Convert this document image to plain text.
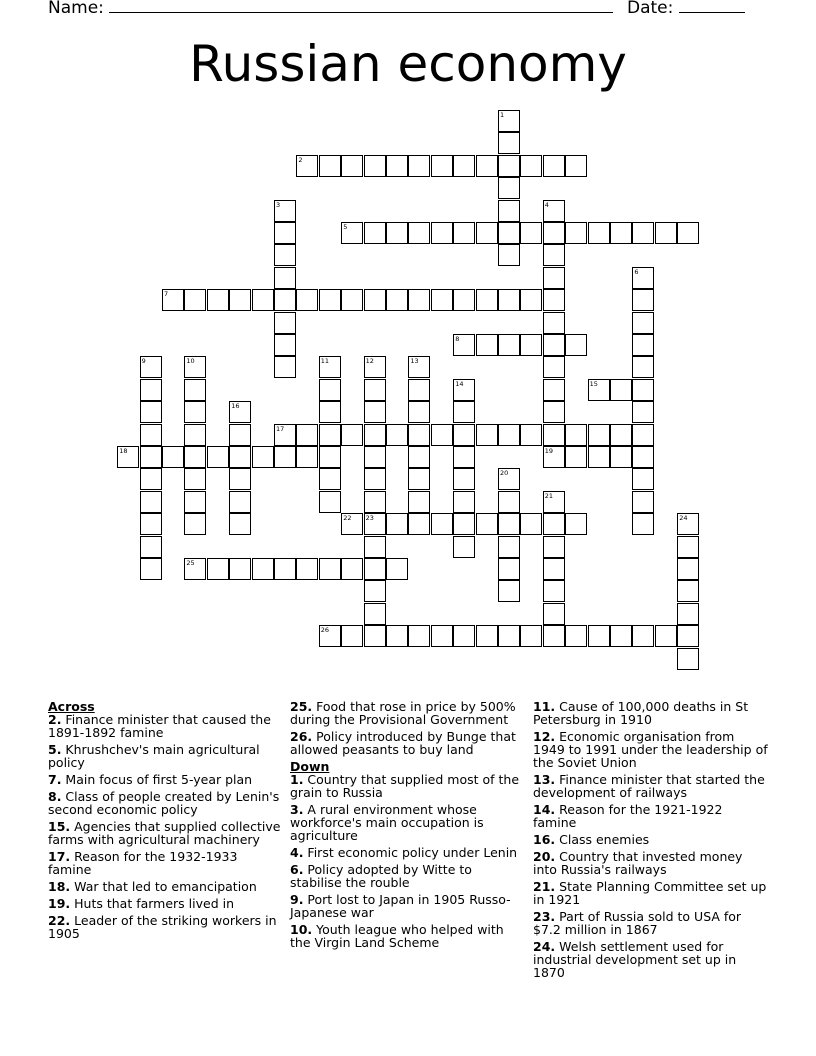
Name:	Date:
Russian economy
1
2
3	4
19
5
6
7
8
9	10	11	12	13
14	15
16
17
18
20
21
22 23	24
25
26
Across
2. Finance minister that caused the 1891-1892 famine
5. Khrushchev's main agricultural policy
7. Main focus of first 5-year plan
8. Class of people created by Lenin's second economic policy
15. Agencies that supplied collective farms with agricultural machinery
17. Reason for the 1932-1933 famine
18. War that led to emancipation
19. Huts that farmers lived in
22. Leader of the striking workers in 1905
25. Food that rose in price by 500% during the Provisional Government
26. Policy introduced by Bunge that allowed peasants to buy land
Down
1. Country that supplied most of the grain to Russia
3. A rural environment whose workforce's main occupation is agriculture
4. First economic policy under Lenin
6. Policy adopted by Witte to stabilise the rouble
9. Port lost to Japan in 1905 Russo-Japanese war
10. Youth league who helped with the Virgin Land Scheme
11. Cause of 100,000 deaths in St Petersburg in 1910
12. Economic organisation from 1949 to 1991 under the leadership of the Soviet Union
13. Finance minister that started the development of railways
14. Reason for the 1921-1922 famine
16. Class enemies
20. Country that invested money into Russia's railways
21. State Planning Committee set up in 1921
23. Part of Russia sold to USA for $7.2 million in 1867
24. Welsh settlement used for industrial development set up in 1870
